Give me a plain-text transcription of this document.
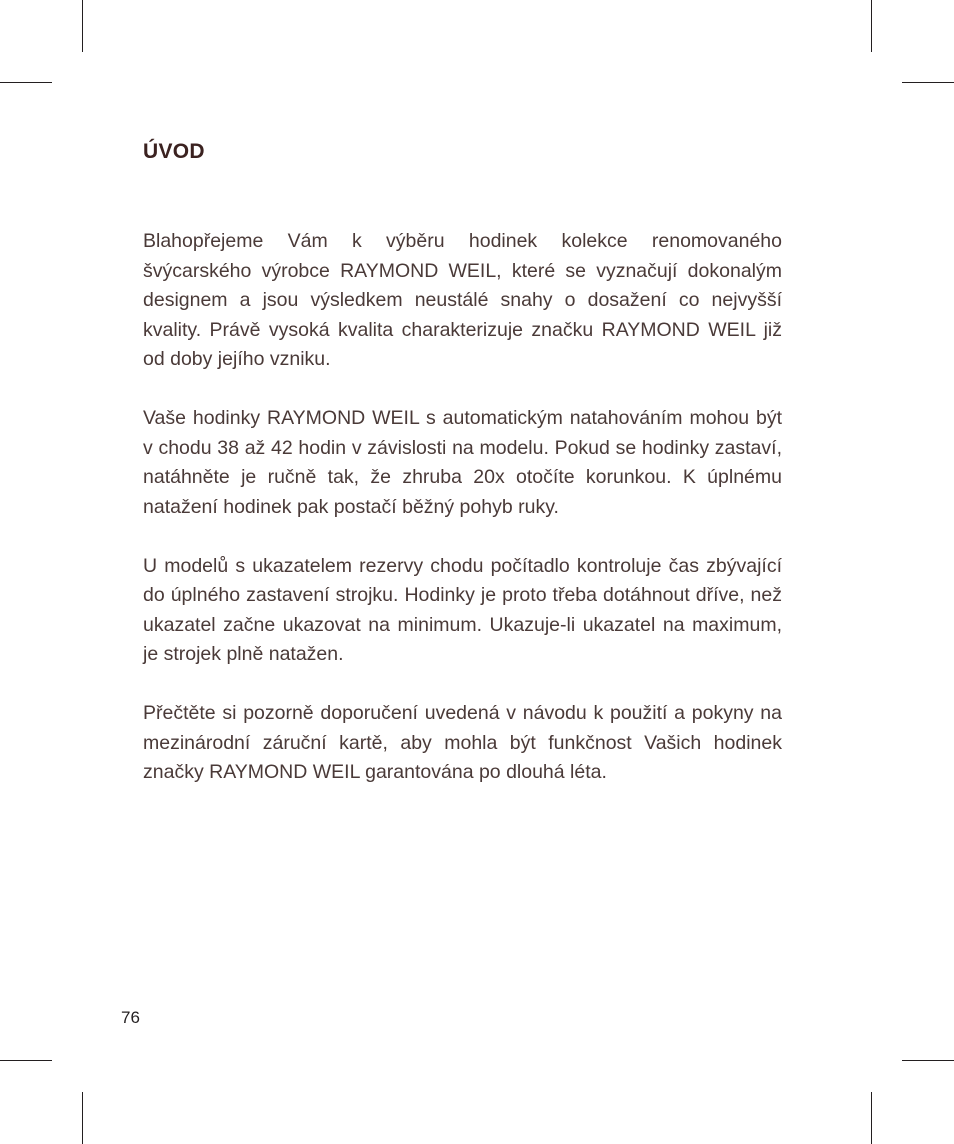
ÚVOD

Blahopřejeme Vám k výběru hodinek kolekce renomovaného švýcarského výrobce RAYMOND WEIL, které se vyznačují dokonalým designem a jsou výsledkem neustálé snahy o dosažení co nejvyšší kvality. Právě vysoká kvalita charakterizuje značku RAYMOND WEIL již od doby jejího vzniku.

Vaše hodinky RAYMOND WEIL s automatickým natahováním mohou být v chodu 38 až 42 hodin v závislosti na modelu. Pokud se hodinky zastaví, natáhněte je ručně tak, že zhruba 20x otočíte korunkou. K úplnému natažení hodinek pak postačí běžný pohyb ruky.

U modelů s ukazatelem rezervy chodu počítadlo kontroluje čas zbývající do úplného zastavení strojku. Hodinky je proto třeba dotáhnout dříve, než ukazatel začne ukazovat na minimum. Ukazuje-li ukazatel na maximum, je strojek plně natažen.

Přečtěte si pozorně doporučení uvedená v návodu k použití a pokyny na mezinárodní záruční kartě, aby mohla být funkčnost Vašich hodinek značky RAYMOND WEIL garantována po dlouhá léta.

76
